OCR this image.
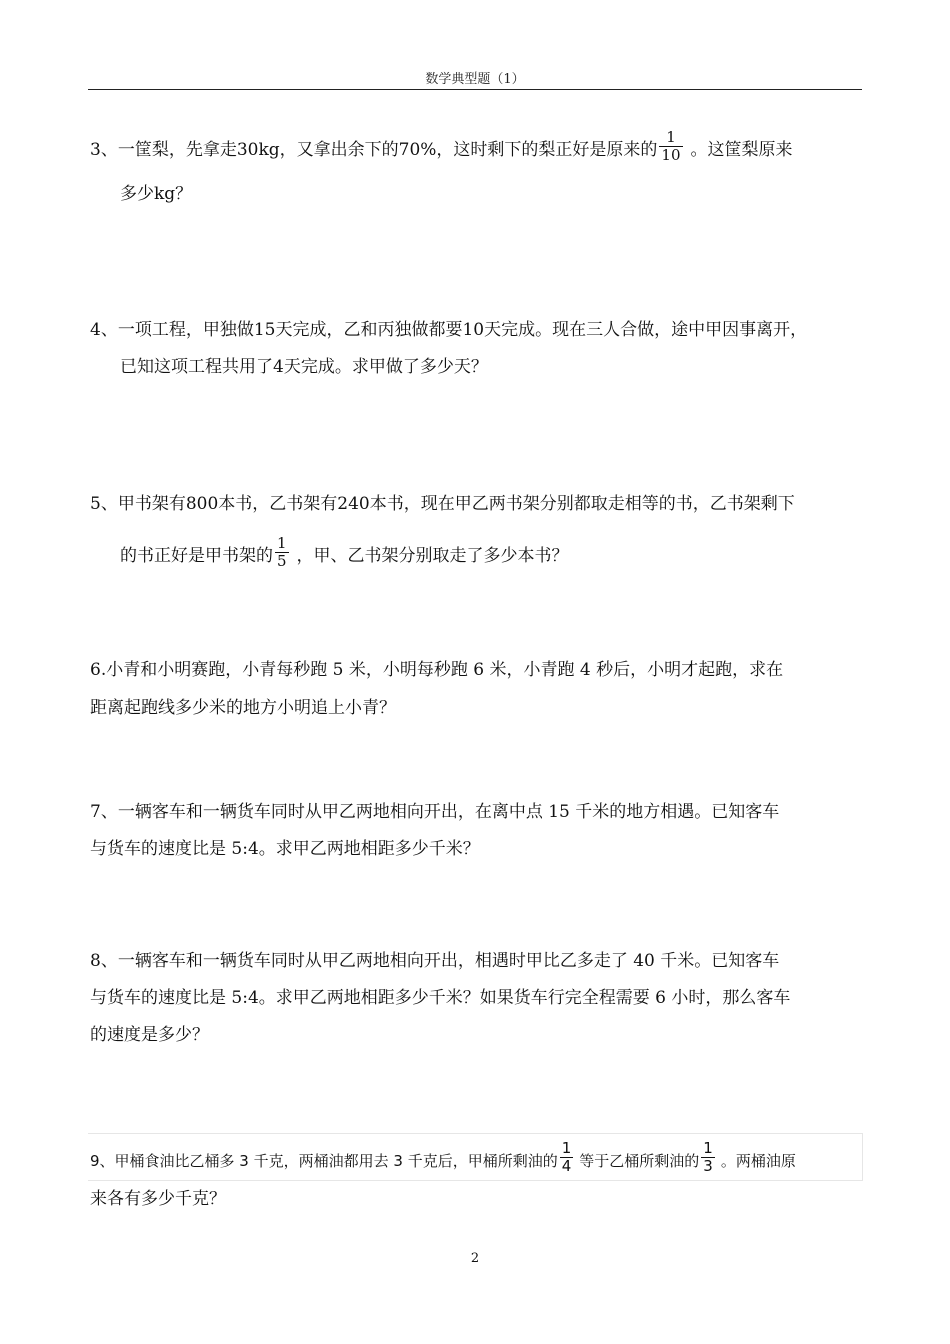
数学典型题（1）
3、一筐梨，先拿走30kg，又拿出余下的70%，这时剩下的梨正好是原来的 $\frac{1}{10}$ 。这筐梨原来
多少kg？
4、一项工程，甲独做15天完成，乙和丙独做都要10天完成。现在三人合做，途中甲因事离开，
已知这项工程共用了4天完成。求甲做了多少天？
5、甲书架有800本书，乙书架有240本书，现在甲乙两书架分别都取走相等的书，乙书架剩下
的书正好是甲书架的 $\frac{1}{5}$ ，甲、乙书架分别取走了多少本书？
6.小青和小明赛跑，小青每秒跑 5 米，小明每秒跑 6 米，小青跑 4 秒后，小明才起跑，求在
距离起跑线多少米的地方小明追上小青？
7、一辆客车和一辆货车同时从甲乙两地相向开出，在离中点 15 千米的地方相遇。已知客车
与货车的速度比是 5:4。求甲乙两地相距多少千米？
8、一辆客车和一辆货车同时从甲乙两地相向开出，相遇时甲比乙多走了 40 千米。已知客车
与货车的速度比是 5:4。求甲乙两地相距多少千米？如果货车行完全程需要 6 小时，那么客车
的速度是多少？
9、甲桶食油比乙桶多 3 千克，两桶油都用去 3 千克后，甲桶所剩油的 $\frac{1}{4}$ 等于乙桶所剩油的 $\frac{1}{3}$ 。两桶油原
来各有多少千克？
2
